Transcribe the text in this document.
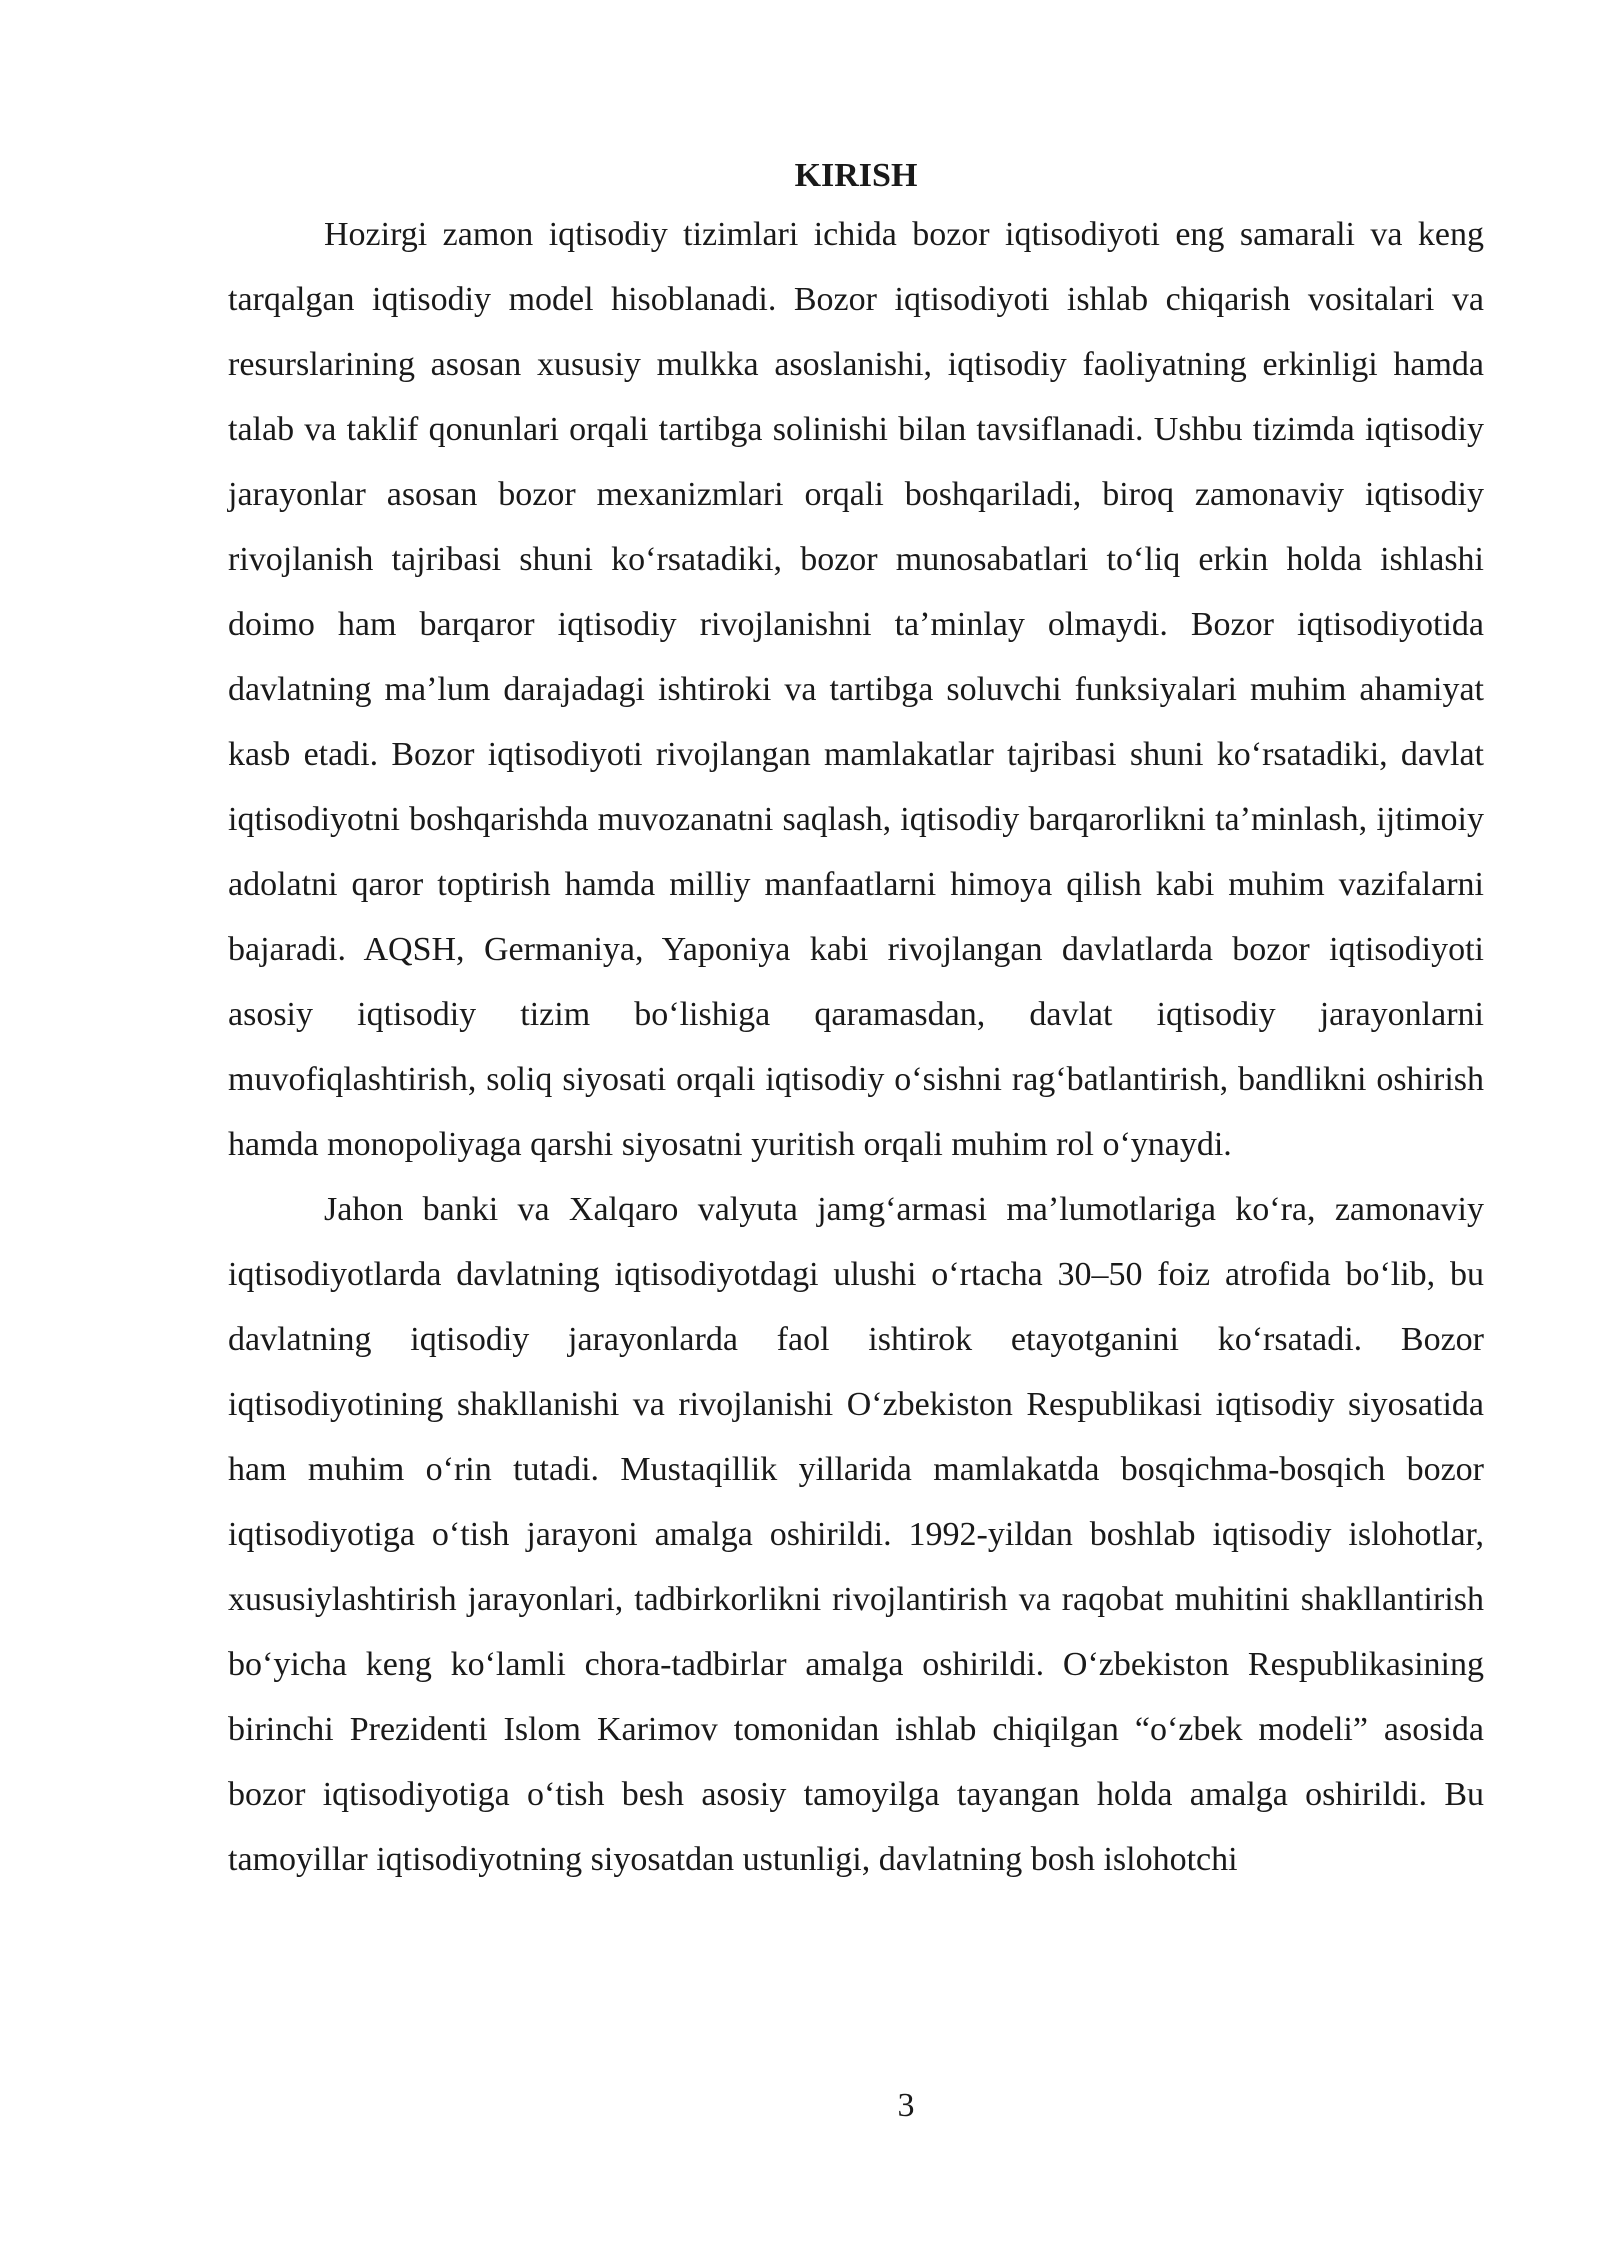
KIRISH

Hozirgi zamon iqtisodiy tizimlari ichida bozor iqtisodiyoti eng samarali va keng tarqalgan iqtisodiy model hisoblanadi. Bozor iqtisodiyoti ishlab chiqarish vositalari va resurslarining asosan xususiy mulkka asoslanishi, iqtisodiy faoliyatning erkinligi hamda talab va taklif qonunlari orqali tartibga solinishi bilan tavsiflanadi. Ushbu tizimda iqtisodiy jarayonlar asosan bozor mexanizmlari orqali boshqariladi, biroq zamonaviy iqtisodiy rivojlanish tajribasi shuni koʻrsatadiki, bozor munosabatlari toʻliq erkin holda ishlashi doimo ham barqaror iqtisodiy rivojlanishni taʼminlay olmaydi. Bozor iqtisodiyotida davlatning maʼlum darajadagi ishtiroki va tartibga soluvchi funksiyalari muhim ahamiyat kasb etadi. Bozor iqtisodiyoti rivojlangan mamlakatlar tajribasi shuni koʻrsatadiki, davlat iqtisodiyotni boshqarishda muvozanatni saqlash, iqtisodiy barqarorlikni taʼminlash, ijtimoiy adolatni qaror toptirish hamda milliy manfaatlarni himoya qilish kabi muhim vazifalarni bajaradi. AQSH, Germaniya, Yaponiya kabi rivojlangan davlatlarda bozor iqtisodiyoti asosiy iqtisodiy tizim boʻlishiga qaramasdan, davlat iqtisodiy jarayonlarni muvofiqlashtirish, soliq siyosati orqali iqtisodiy oʻsishni ragʻbatlantirish, bandlikni oshirish hamda monopoliyaga qarshi siyosatni yuritish orqali muhim rol oʻynaydi.

Jahon banki va Xalqaro valyuta jamgʻarmasi maʼlumotlariga koʻra, zamonaviy iqtisodiyotlarda davlatning iqtisodiyotdagi ulushi oʻrtacha 30–50 foiz atrofida boʻlib, bu davlatning iqtisodiy jarayonlarda faol ishtirok etayotganini koʻrsatadi. Bozor iqtisodiyotining shakllanishi va rivojlanishi Oʻzbekiston Respublikasi iqtisodiy siyosatida ham muhim oʻrin tutadi. Mustaqillik yillarida mamlakatda bosqichma-bosqich bozor iqtisodiyotiga oʻtish jarayoni amalga oshirildi. 1992-yildan boshlab iqtisodiy islohotlar, xususiylashtirish jarayonlari, tadbirkorlikni rivojlantirish va raqobat muhitini shakllantirish boʻyicha keng koʻlamli chora-tadbirlar amalga oshirildi. Oʻzbekiston Respublikasining birinchi Prezidenti Islom Karimov tomonidan ishlab chiqilgan “oʻzbek modeli” asosida bozor iqtisodiyotiga oʻtish besh asosiy tamoyilga tayangan holda amalga oshirildi. Bu tamoyillar iqtisodiyotning siyosatdan ustunligi, davlatning bosh islohotchi

3
